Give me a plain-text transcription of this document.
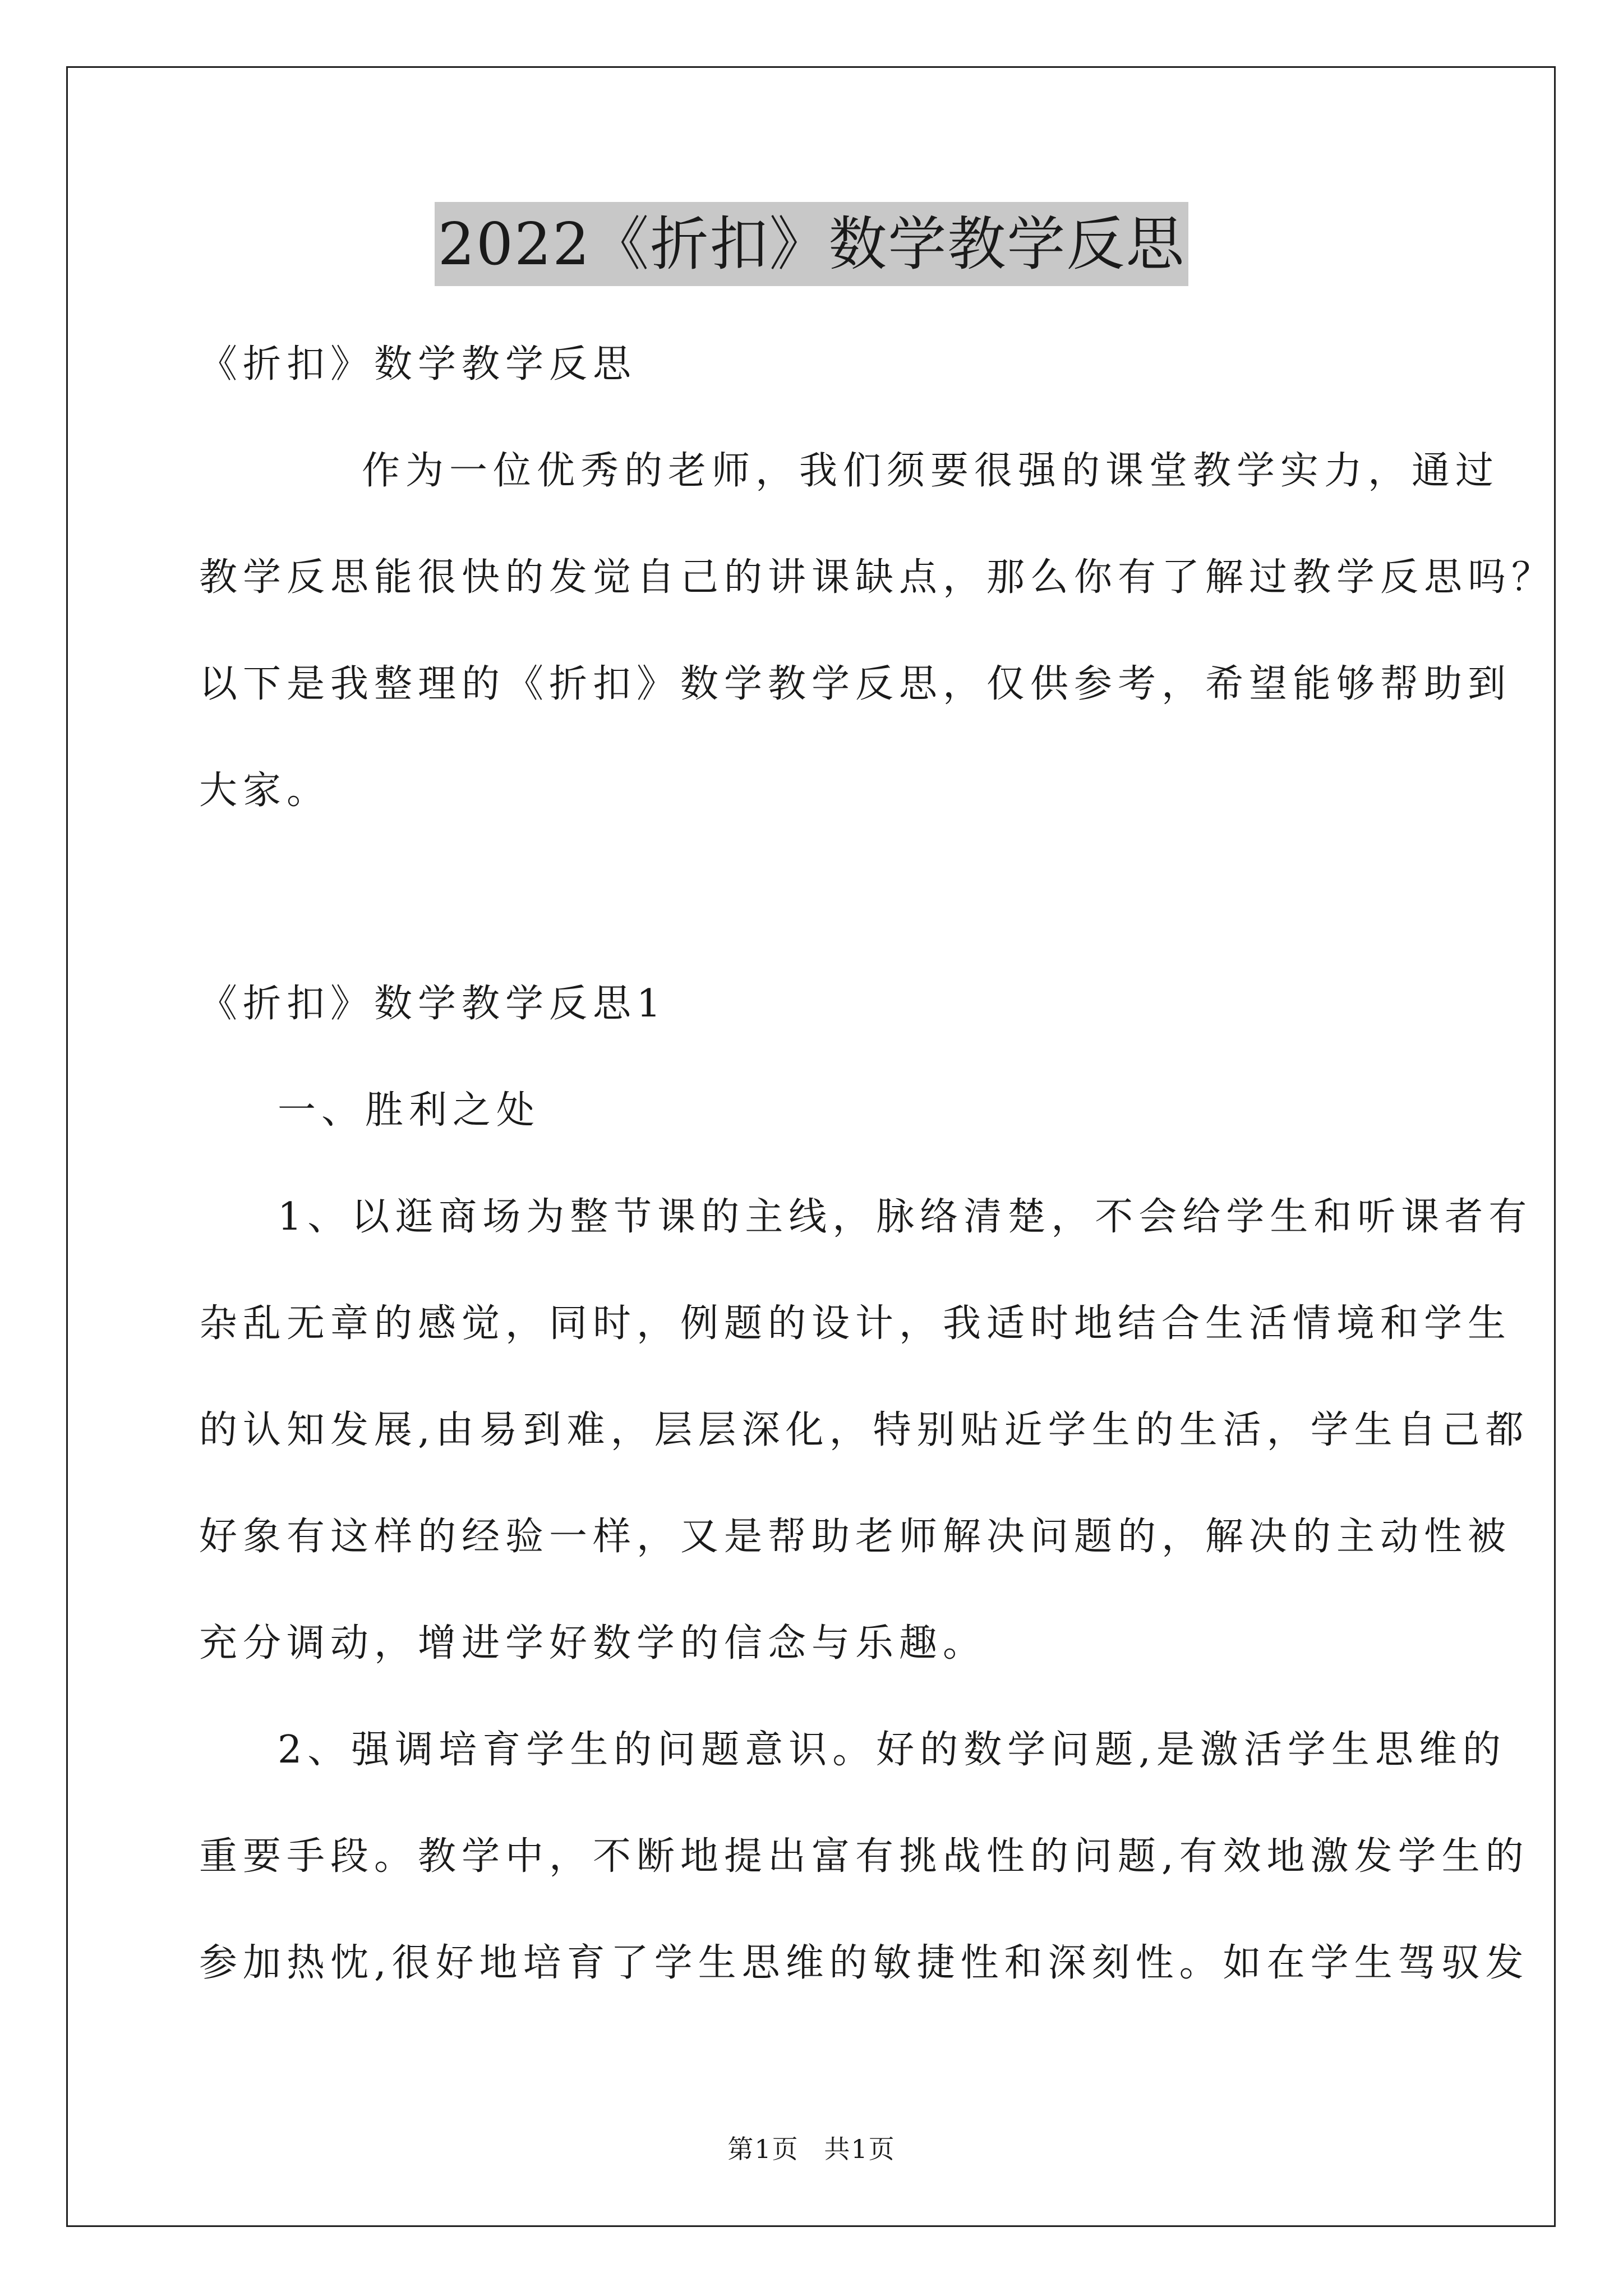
2022《折扣》数学教学反思
《折扣》数学教学反思
作为一位优秀的老师，我们须要很强的课堂教学实力，通过
教学反思能很快的发觉自己的讲课缺点，那么你有了解过教学反思吗？
以下是我整理的《折扣》数学教学反思，仅供参考，希望能够帮助到
大家。
《折扣》数学教学反思1
一、胜利之处
1、以逛商场为整节课的主线，脉络清楚，不会给学生和听课者有
杂乱无章的感觉，同时，例题的设计，我适时地结合生活情境和学生
的认知发展,由易到难，层层深化，特别贴近学生的生活，学生自己都
好象有这样的经验一样，又是帮助老师解决问题的，解决的主动性被
充分调动，增进学好数学的信念与乐趣。
2、强调培育学生的问题意识。好的数学问题,是激活学生思维的
重要手段。教学中，不断地提出富有挑战性的问题,有效地激发学生的
参加热忱,很好地培育了学生思维的敏捷性和深刻性。如在学生驾驭发
第1页 共1页
